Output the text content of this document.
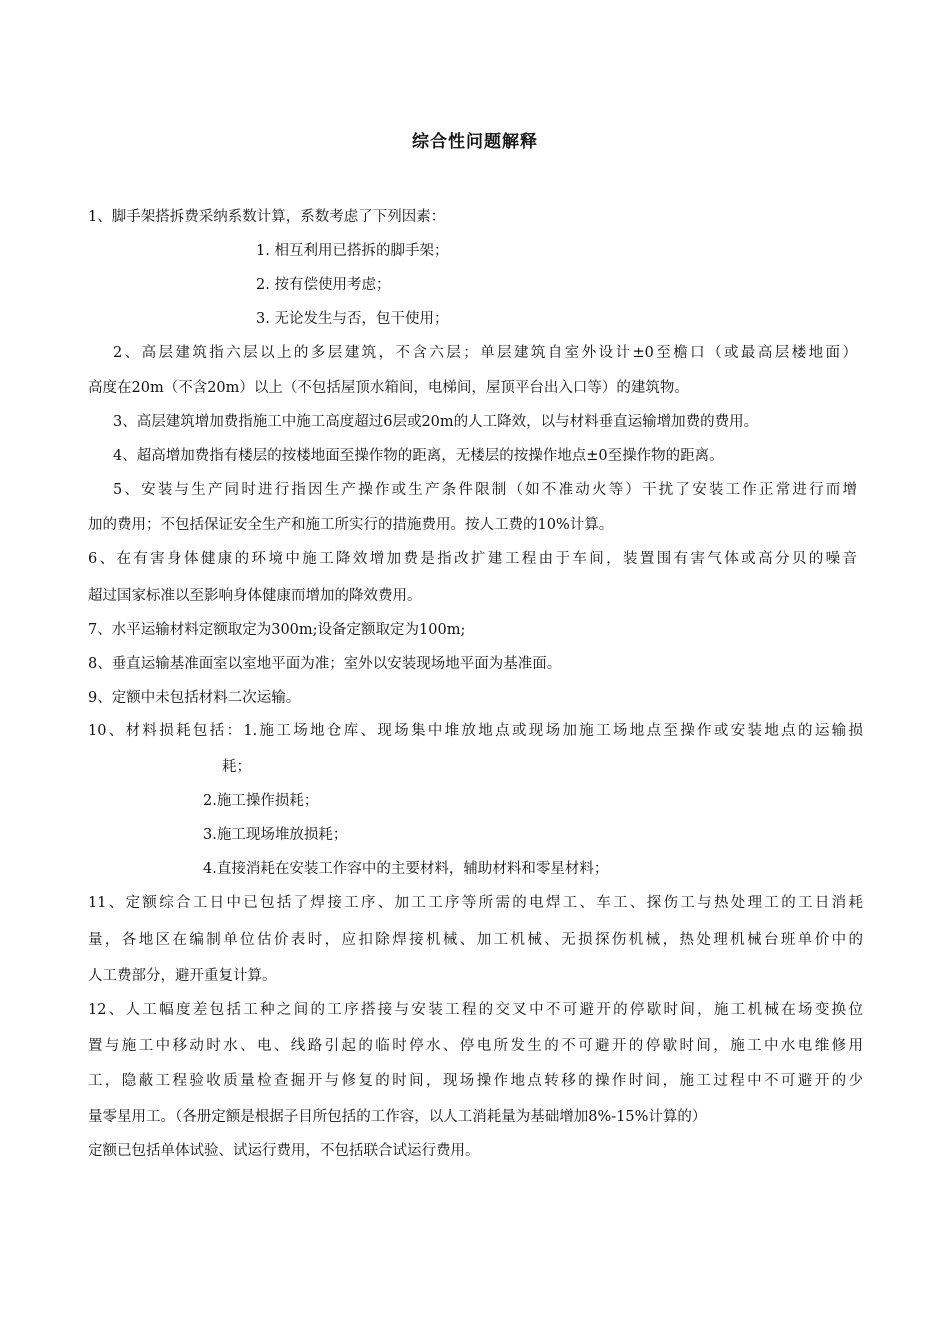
综合性问题解释
1、脚手架搭拆费采纳系数计算，系数考虑了下列因素：
1. 相互利用已搭拆的脚手架；
2. 按有偿使用考虑；
3. 无论发生与否，包干使用；
2、高层建筑指六层以上的多层建筑，不含六层；单层建筑自室外设计±0至檐口（或最高层楼地面）
高度在20m（不含20m）以上（不包括屋顶水箱间，电梯间，屋顶平台出入口等）的建筑物。
3、高层建筑增加费指施工中施工高度超过6层或20m的人工降效，以与材料垂直运输增加费的费用。
4、超高增加费指有楼层的按楼地面至操作物的距离，无楼层的按操作地点±0至操作物的距离。
5、安装与生产同时进行指因生产操作或生产条件限制（如不准动火等）干扰了安装工作正常进行而增
加的费用；不包括保证安全生产和施工所实行的措施费用。按人工费的10%计算。
6、在有害身体健康的环境中施工降效增加费是指改扩建工程由于车间，装置围有害气体或高分贝的噪音
超过国家标准以至影响身体健康而增加的降效费用。
7、水平运输材料定额取定为300m;设备定额取定为100m;
8、垂直运输基准面室以室地平面为准；室外以安装现场地平面为基准面。
9、定额中未包括材料二次运输。
10、材料损耗包括：1.施工场地仓库、现场集中堆放地点或现场加施工场地点至操作或安装地点的运输损
耗；
2.施工操作损耗；
3.施工现场堆放损耗；
4.直接消耗在安装工作容中的主要材料，辅助材料和零星材料；
11、定额综合工日中已包括了焊接工序、加工工序等所需的电焊工、车工、探伤工与热处理工的工日消耗
量，各地区在编制单位估价表时，应扣除焊接机械、加工机械、无损探伤机械，热处理机械台班单价中的
人工费部分，避开重复计算。
12、人工幅度差包括工种之间的工序搭接与安装工程的交叉中不可避开的停歇时间，施工机械在场变换位
置与施工中移动时水、电、线路引起的临时停水、停电所发生的不可避开的停歇时间，施工中水电维修用
工，隐蔽工程验收质量检查掘开与修复的时间，现场操作地点转移的操作时间，施工过程中不可避开的少
量零星用工。（各册定额是根据子目所包括的工作容，以人工消耗量为基础增加8%-15%计算的）
定额已包括单体试验、试运行费用，不包括联合试运行费用。
